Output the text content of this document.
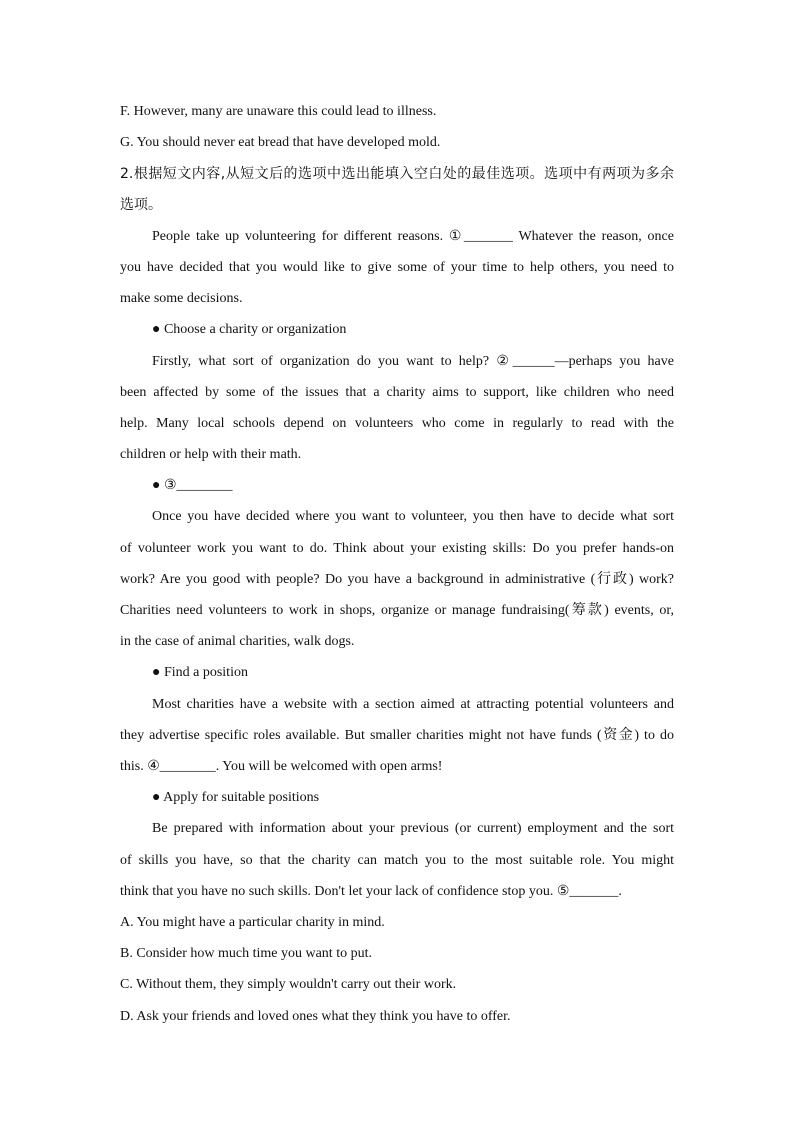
F. However, many are unaware this could lead to illness.
G. You should never eat bread that have developed mold.
2.根据短文内容,从短文后的选项中选出能填入空白处的最佳选项。选项中有两项为多余
选项。
People take up volunteering for different reasons. ①_______ Whatever the reason, once
you have decided that you would like to give some of your time to help others, you need to
make some decisions.
● Choose a charity or organization
Firstly, what sort of organization do you want to help? ②______—perhaps you have
been affected by some of the issues that a charity aims to support, like children who need
help. Many local schools depend on volunteers who come in regularly to read with the
children or help with their math.
● ③________
Once you have decided where you want to volunteer, you then have to decide what sort
of volunteer work you want to do. Think about your existing skills: Do you prefer hands-on
work? Are you good with people? Do you have a background in administrative (行政) work?
Charities need volunteers to work in shops, organize or manage fundraising(筹款) events, or,
in the case of animal charities, walk dogs.
● Find a position
Most charities have a website with a section aimed at attracting potential volunteers and
they advertise specific roles available. But smaller charities might not have funds (资金) to do
this. ④________. You will be welcomed with open arms!
● Apply for suitable positions
Be prepared with information about your previous (or current) employment and the sort
of skills you have, so that the charity can match you to the most suitable role. You might
think that you have no such skills. Don't let your lack of confidence stop you. ⑤_______.
A. You might have a particular charity in mind.
B. Consider how much time you want to put.
C. Without them, they simply wouldn't carry out their work.
D. Ask your friends and loved ones what they think you have to offer.
